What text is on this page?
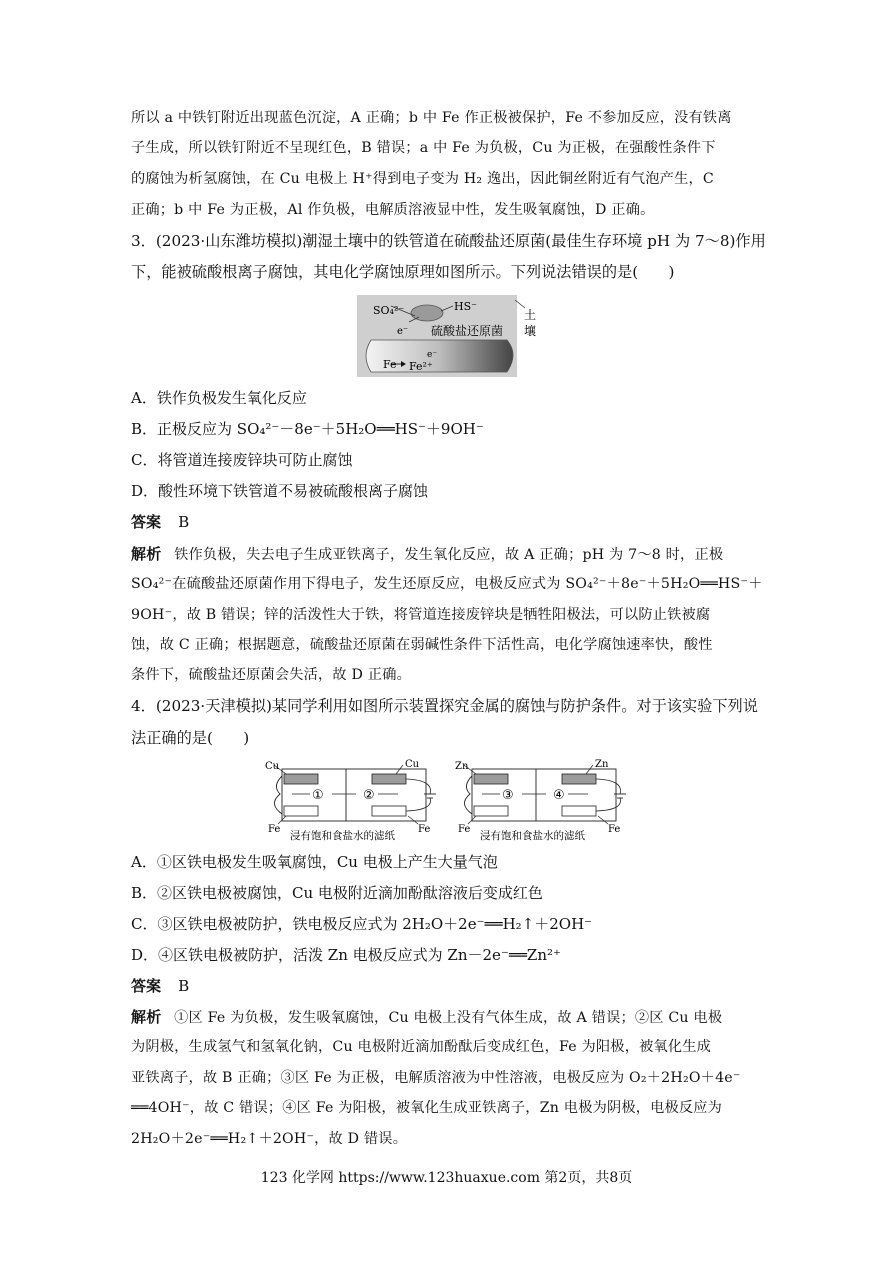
所以 a 中铁钉附近出现蓝色沉淀，A 正确；b 中 Fe 作正极被保护，Fe 不参加反应，没有铁离
子生成，所以铁钉附近不呈现红色，B 错误；a 中 Fe 为负极，Cu 为正极，在强酸性条件下
的腐蚀为析氢腐蚀，在 Cu 电极上 H⁺得到电子变为 H₂ 逸出，因此铜丝附近有气泡产生，C
正确；b 中 Fe 为正极，Al 作负极，电解质溶液显中性，发生吸氧腐蚀，D 正确。
3．(2023·山东潍坊模拟)潮湿土壤中的铁管道在硫酸盐还原菌(最佳生存环境 pH 为 7～8)作用
下，能被硫酸根离子腐蚀，其电化学腐蚀原理如图所示。下列说法错误的是(　　)
SO₄²⁻	HS⁻
e⁻ 硫酸盐还原菌
土
壤
Fe Fe²⁺
e⁻
A．铁作负极发生氧化反应
B．正极反应为 SO₄²⁻－8e⁻＋5H₂O══HS⁻＋9OH⁻
C．将管道连接废锌块可防止腐蚀
D．酸性环境下铁管道不易被硫酸根离子腐蚀
答案 B
解析 铁作负极，失去电子生成亚铁离子，发生氧化反应，故 A 正确；pH 为 7～8 时，正极
SO₄²⁻在硫酸盐还原菌作用下得电子，发生还原反应，电极反应式为 SO₄²⁻＋8e⁻＋5H₂O══HS⁻＋
9OH⁻，故 B 错误；锌的活泼性大于铁，将管道连接废锌块是牺牲阳极法，可以防止铁被腐
蚀，故 C 正确；根据题意，硫酸盐还原菌在弱碱性条件下活性高，电化学腐蚀速率快，酸性
条件下，硫酸盐还原菌会失活，故 D 正确。
4．(2023·天津模拟)某同学利用如图所示装置探究金属的腐蚀与防护条件。对于该实验下列说
法正确的是(　　)
Cu	Cu
Fe	Fe
①	②
浸有饱和食盐水的滤纸
Zn	Zn
Fe	Fe
③	④
浸有饱和食盐水的滤纸
A．①区铁电极发生吸氧腐蚀，Cu 电极上产生大量气泡
B．②区铁电极被腐蚀，Cu 电极附近滴加酚酞溶液后变成红色
C．③区铁电极被防护，铁电极反应式为 2H₂O＋2e⁻══H₂↑＋2OH⁻
D．④区铁电极被防护，活泼 Zn 电极反应式为 Zn－2e⁻══Zn²⁺
答案 B
解析 ①区 Fe 为负极，发生吸氧腐蚀，Cu 电极上没有气体生成，故 A 错误；②区 Cu 电极
为阴极，生成氢气和氢氧化钠，Cu 电极附近滴加酚酞后变成红色，Fe 为阳极，被氧化生成
亚铁离子，故 B 正确；③区 Fe 为正极，电解质溶液为中性溶液，电极反应为 O₂＋2H₂O＋4e⁻
══4OH⁻，故 C 错误；④区 Fe 为阳极，被氧化生成亚铁离子，Zn 电极为阴极，电极反应为
2H₂O＋2e⁻══H₂↑＋2OH⁻，故 D 错误。
123 化学网 https://www.123huaxue.com 第2页，共8页
